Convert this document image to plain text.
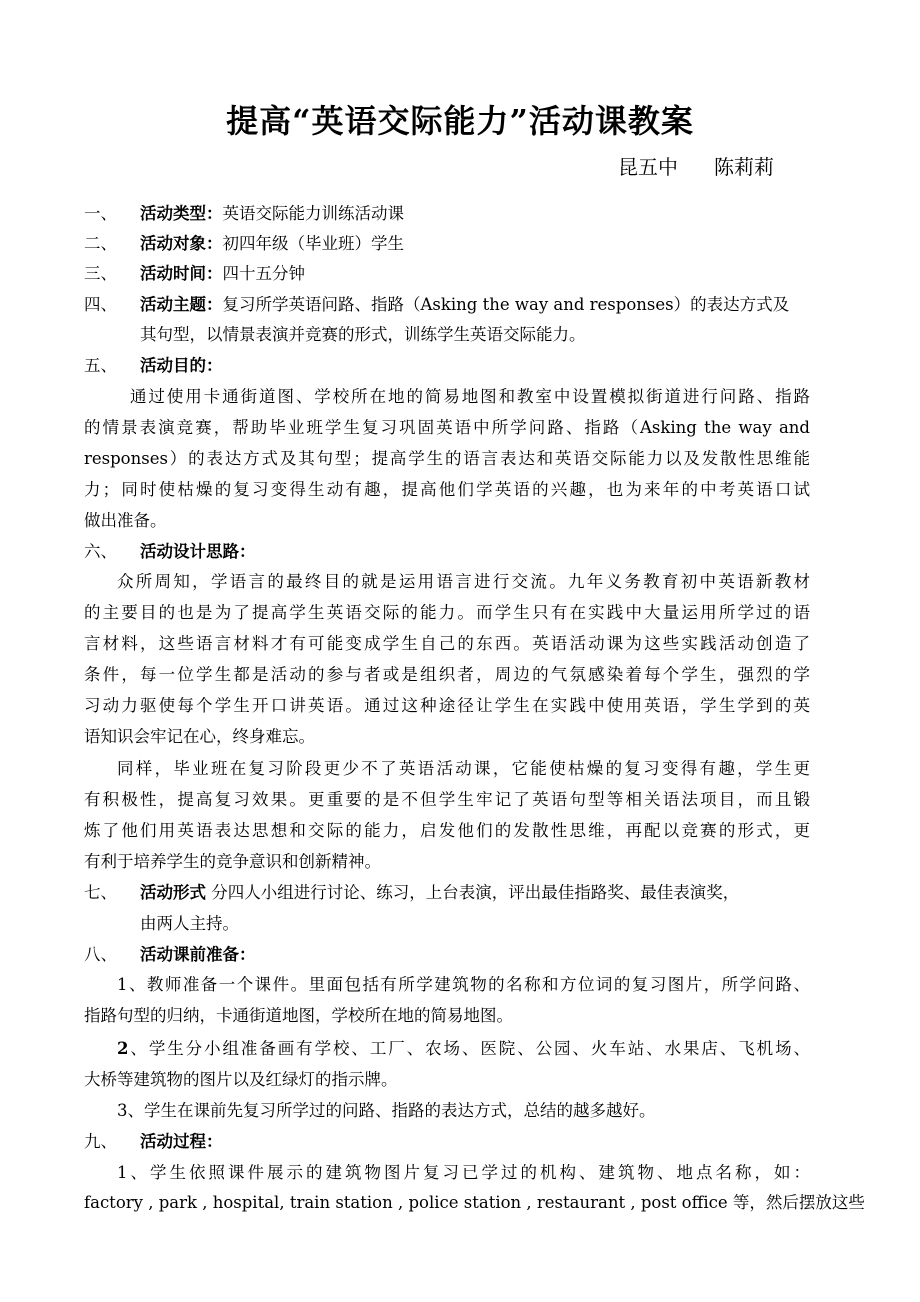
提高“英语交际能力”活动课教案
昆五中 陈莉莉
一、 活动类型：英语交际能力训练活动课
二、 活动对象：初四年级（毕业班）学生
三、 活动时间：四十五分钟
四、 活动主题：复习所学英语问路、指路（Asking the way and responses）的表达方式及
其句型，以情景表演并竞赛的形式，训练学生英语交际能力。
五、 活动目的：
通过使用卡通街道图、学校所在地的简易地图和教室中设置模拟街道进行问路、指路
的情景表演竞赛，帮助毕业班学生复习巩固英语中所学问路、指路（Asking the way and
responses）的表达方式及其句型；提高学生的语言表达和英语交际能力以及发散性思维能
力；同时使枯燥的复习变得生动有趣，提高他们学英语的兴趣，也为来年的中考英语口试
做出准备。
六、 活动设计思路：
众所周知，学语言的最终目的就是运用语言进行交流。九年义务教育初中英语新教材
的主要目的也是为了提高学生英语交际的能力。而学生只有在实践中大量运用所学过的语
言材料，这些语言材料才有可能变成学生自己的东西。英语活动课为这些实践活动创造了
条件，每一位学生都是活动的参与者或是组织者，周边的气氛感染着每个学生，强烈的学
习动力驱使每个学生开口讲英语。通过这种途径让学生在实践中使用英语，学生学到的英
语知识会牢记在心，终身难忘。
同样，毕业班在复习阶段更少不了英语活动课，它能使枯燥的复习变得有趣，学生更
有积极性，提高复习效果。更重要的是不但学生牢记了英语句型等相关语法项目，而且锻
炼了他们用英语表达思想和交际的能力，启发他们的发散性思维，再配以竞赛的形式，更
有利于培养学生的竞争意识和创新精神。
七、 活动形式 分四人小组进行讨论、练习，上台表演，评出最佳指路奖、最佳表演奖，
由两人主持。
八、 活动课前准备：
1、教师准备一个课件。里面包括有所学建筑物的名称和方位词的复习图片，所学问路、
指路句型的归纳，卡通街道地图，学校所在地的简易地图。
2、学生分小组准备画有学校、工厂、农场、医院、公园、火车站、水果店、飞机场、
大桥等建筑物的图片以及红绿灯的指示牌。
3、学生在课前先复习所学过的问路、指路的表达方式，总结的越多越好。
九、 活动过程：
1、学生依照课件展示的建筑物图片复习已学过的机构、建筑物、地点名称，如：
factory , park , hospital, train station , police station , restaurant , post office 等，然后摆放这些
